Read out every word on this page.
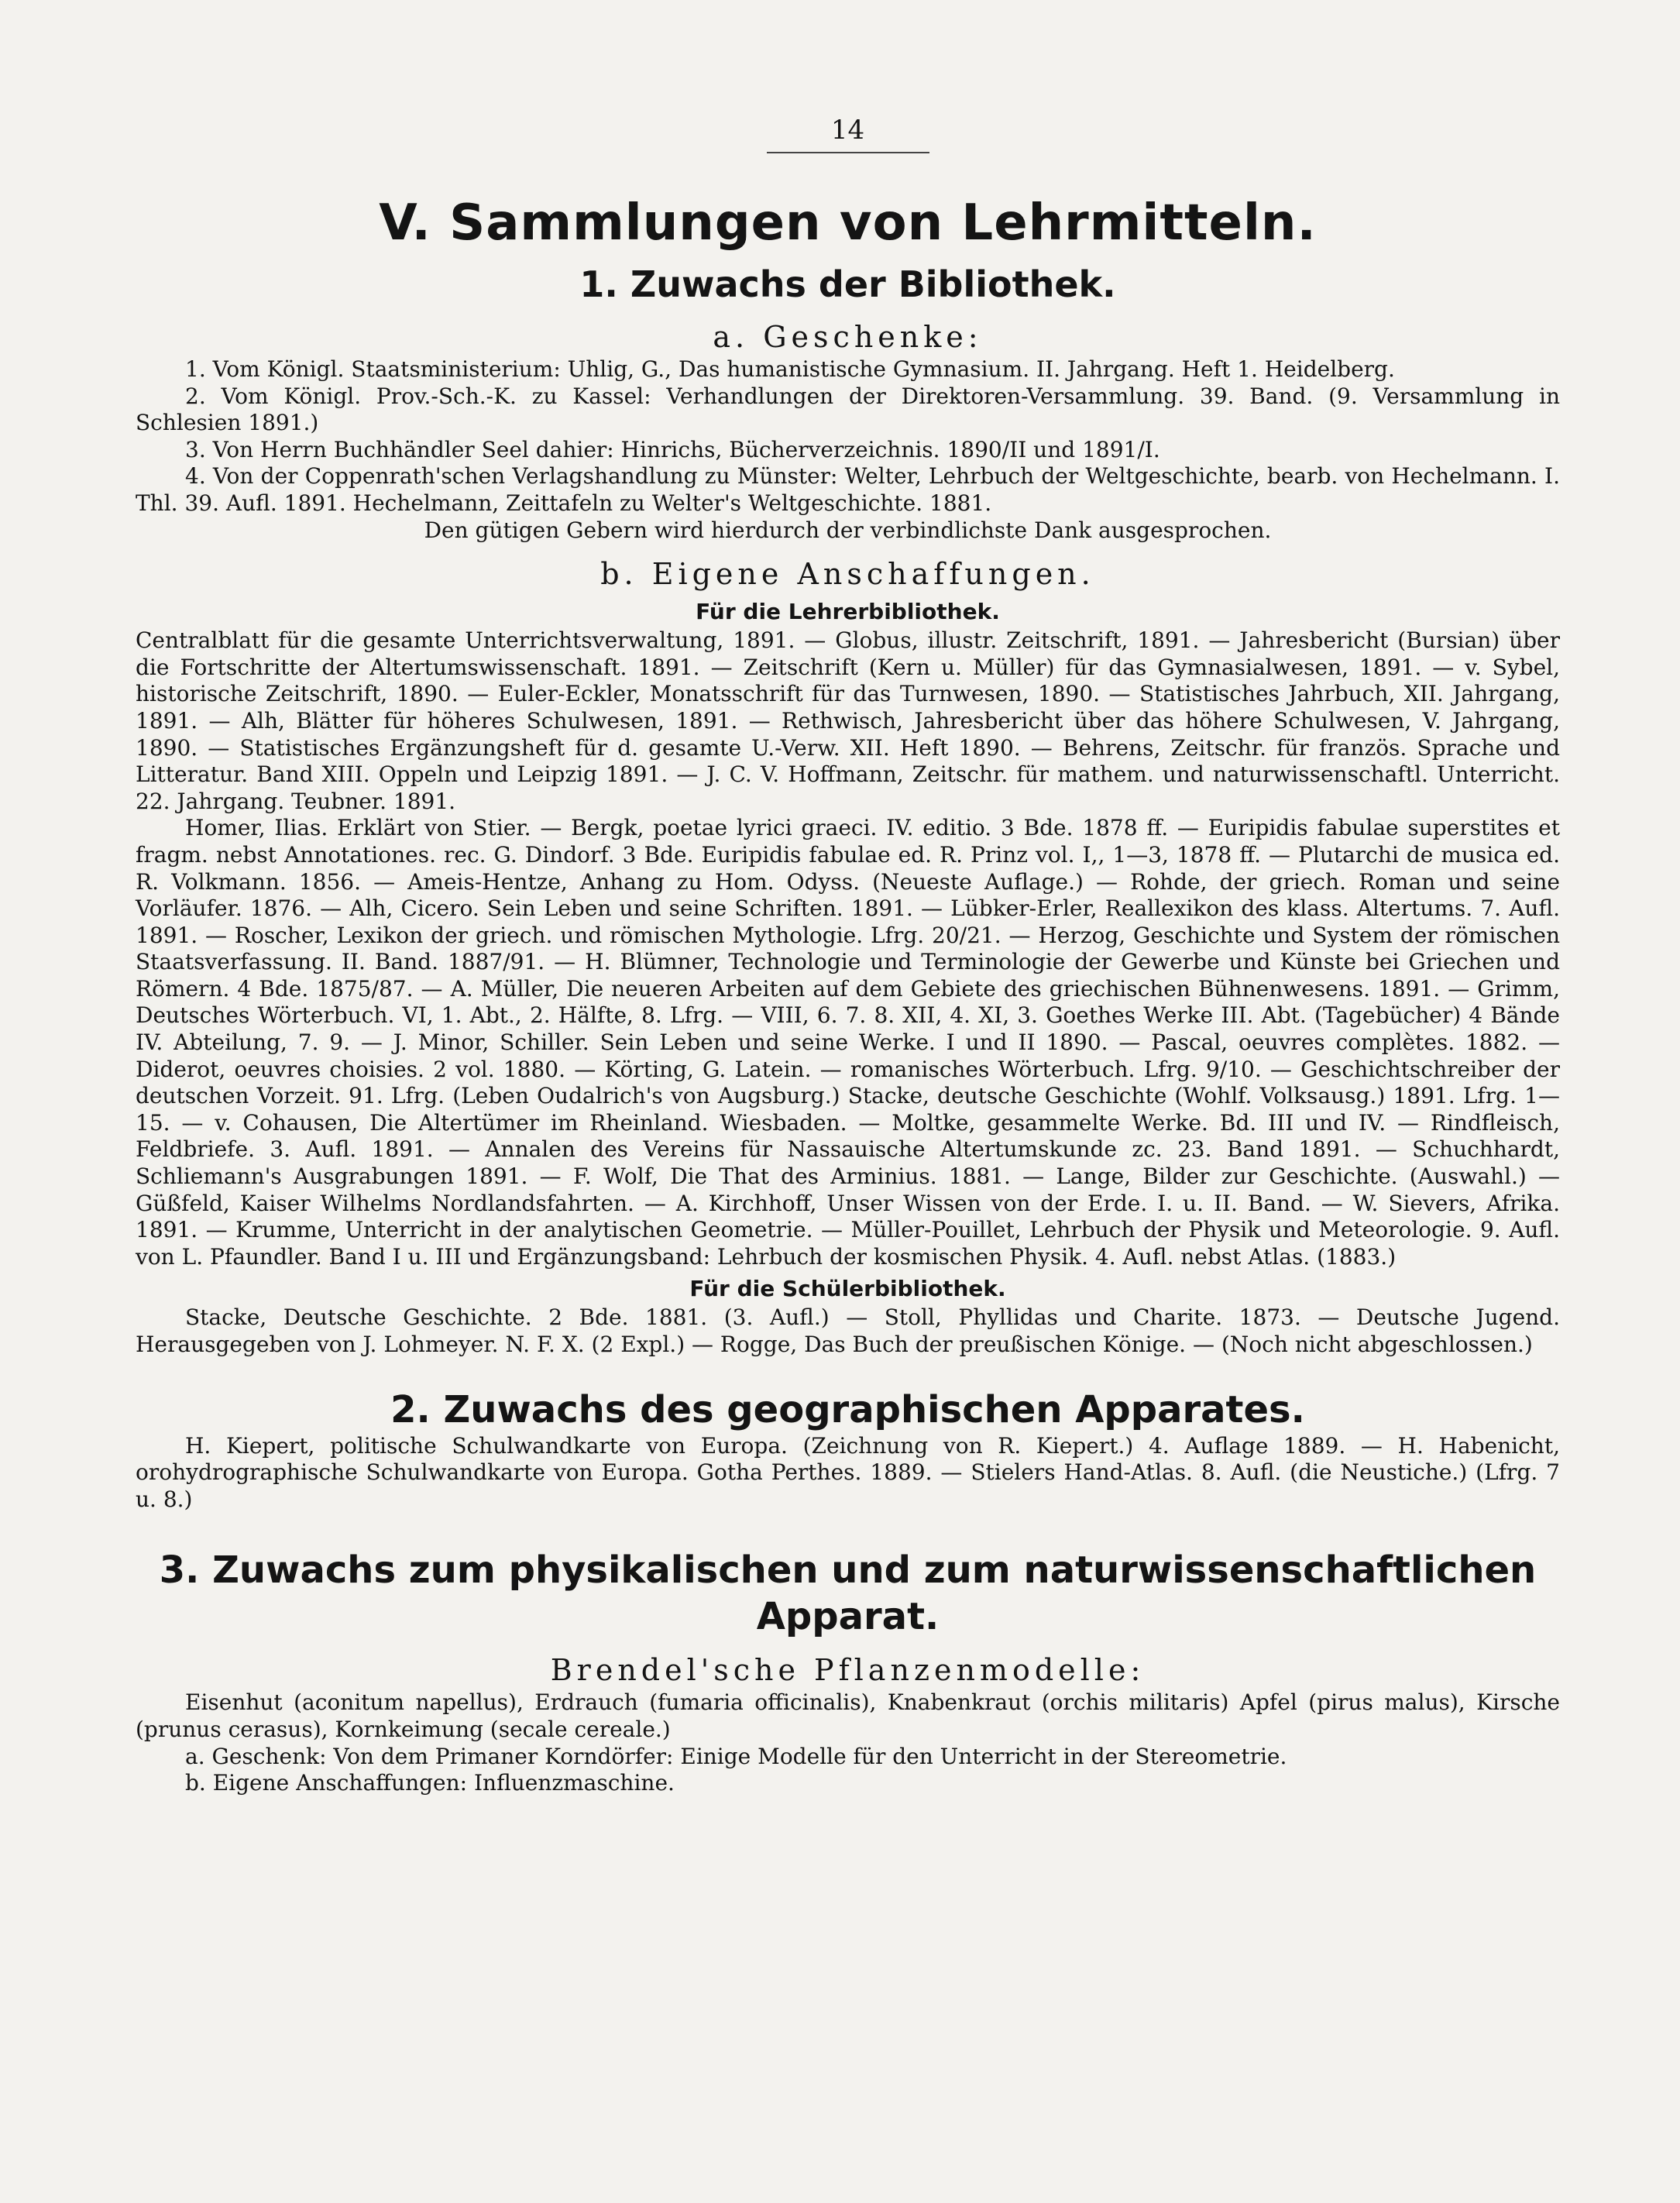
14
V. Sammlungen von Lehrmitteln.
1. Zuwachs der Bibliothek.
a. Geschenke:

1. Vom Königl. Staatsministerium: Uhlig, G., Das humanistische Gymnasium. II. Jahrgang. Heft 1. Heidelberg.

2. Vom Königl. Prov.-Sch.-K. zu Kassel: Verhandlungen der Direktoren-Versammlung. 39. Band. (9. Versammlung in Schlesien 1891.)

3. Von Herrn Buchhändler Seel dahier: Hinrichs, Bücherverzeichnis. 1890/II und 1891/I.

4. Von der Coppenrath'schen Verlagshandlung zu Münster: Welter, Lehrbuch der Weltgeschichte, bearb. von Hechelmann. I. Thl. 39. Aufl. 1891. Hechelmann, Zeittafeln zu Welter's Weltgeschichte. 1881.

Den gütigen Gebern wird hierdurch der verbindlichste Dank ausgesprochen.

b. Eigene Anschaffungen.
Für die Lehrerbibliothek.

Centralblatt für die gesamte Unterrichtsverwaltung, 1891. — Globus, illustr. Zeitschrift, 1891. — Jahresbericht (Bursian) über die Fortschritte der Altertumswissenschaft. 1891. — Zeitschrift (Kern u. Müller) für das Gymnasialwesen, 1891. — v. Sybel, historische Zeitschrift, 1890. — Euler-Eckler, Monatsschrift für das Turnwesen, 1890. — Statistisches Jahrbuch, XII. Jahrgang, 1891. — Alh, Blätter für höheres Schulwesen, 1891. — Rethwisch, Jahresbericht über das höhere Schulwesen, V. Jahrgang, 1890. — Statistisches Ergänzungsheft für d. gesamte U.-Verw. XII. Heft 1890. — Behrens, Zeitschr. für französ. Sprache und Litteratur. Band XIII. Oppeln und Leipzig 1891. — J. C. V. Hoffmann, Zeitschr. für mathem. und naturwissenschaftl. Unterricht. 22. Jahrgang. Teubner. 1891.

Homer, Ilias. Erklärt von Stier. — Bergk, poetae lyrici graeci. IV. editio. 3 Bde. 1878 ff. — Euripidis fabulae superstites et fragm. nebst Annotationes. rec. G. Dindorf. 3 Bde. Euripidis fabulae ed. R. Prinz vol. I,, 1—3, 1878 ff. — Plutarchi de musica ed. R. Volkmann. 1856. — Ameis-Hentze, Anhang zu Hom. Odyss. (Neueste Auflage.) — Rohde, der griech. Roman und seine Vorläufer. 1876. — Alh, Cicero. Sein Leben und seine Schriften. 1891. — Lübker-Erler, Reallexikon des klass. Altertums. 7. Aufl. 1891. — Roscher, Lexikon der griech. und römischen Mythologie. Lfrg. 20/21. — Herzog, Geschichte und System der römischen Staatsverfassung. II. Band. 1887/91. — H. Blümner, Technologie und Terminologie der Gewerbe und Künste bei Griechen und Römern. 4 Bde. 1875/87. — A. Müller, Die neueren Arbeiten auf dem Gebiete des griechischen Bühnenwesens. 1891. — Grimm, Deutsches Wörterbuch. VI, 1. Abt., 2. Hälfte, 8. Lfrg. — VIII, 6. 7. 8. XII, 4. XI, 3. Goethes Werke III. Abt. (Tagebücher) 4 Bände IV. Abteilung, 7. 9. — J. Minor, Schiller. Sein Leben und seine Werke. I und II 1890. — Pascal, oeuvres complètes. 1882. — Diderot, oeuvres choisies. 2 vol. 1880. — Körting, G. Latein. — romanisches Wörterbuch. Lfrg. 9/10. — Geschichtschreiber der deutschen Vorzeit. 91. Lfrg. (Leben Oudalrich's von Augsburg.) Stacke, deutsche Geschichte (Wohlf. Volksausg.) 1891. Lfrg. 1—15. — v. Cohausen, Die Altertümer im Rheinland. Wiesbaden. — Moltke, gesammelte Werke. Bd. III und IV. — Rindfleisch, Feldbriefe. 3. Aufl. 1891. — Annalen des Vereins für Nassauische Altertumskunde zc. 23. Band 1891. — Schuchhardt, Schliemann's Ausgrabungen 1891. — F. Wolf, Die That des Arminius. 1881. — Lange, Bilder zur Geschichte. (Auswahl.) — Güßfeld, Kaiser Wilhelms Nordlandsfahrten. — A. Kirchhoff, Unser Wissen von der Erde. I. u. II. Band. — W. Sievers, Afrika. 1891. — Krumme, Unterricht in der analytischen Geometrie. — Müller-Pouillet, Lehrbuch der Physik und Meteorologie. 9. Aufl. von L. Pfaundler. Band I u. III und Ergänzungsband: Lehrbuch der kosmischen Physik. 4. Aufl. nebst Atlas. (1883.)

Für die Schülerbibliothek.

Stacke, Deutsche Geschichte. 2 Bde. 1881. (3. Aufl.) — Stoll, Phyllidas und Charite. 1873. — Deutsche Jugend. Herausgegeben von J. Lohmeyer. N. F. X. (2 Expl.) — Rogge, Das Buch der preußischen Könige. — (Noch nicht abgeschlossen.)

2. Zuwachs des geographischen Apparates.

H. Kiepert, politische Schulwandkarte von Europa. (Zeichnung von R. Kiepert.) 4. Auflage 1889. — H. Habenicht, orohydrographische Schulwandkarte von Europa. Gotha Perthes. 1889. — Stielers Hand-Atlas. 8. Aufl. (die Neustiche.) (Lfrg. 7 u. 8.)

3. Zuwachs zum physikalischen und zum naturwissenschaftlichen Apparat.
Brendel'sche Pflanzenmodelle:

Eisenhut (aconitum napellus), Erdrauch (fumaria officinalis), Knabenkraut (orchis militaris) Apfel (pirus malus), Kirsche (prunus cerasus), Kornkeimung (secale cereale.)

a. Geschenk: Von dem Primaner Korndörfer: Einige Modelle für den Unterricht in der Stereometrie.

b. Eigene Anschaffungen: Influenzmaschine.
